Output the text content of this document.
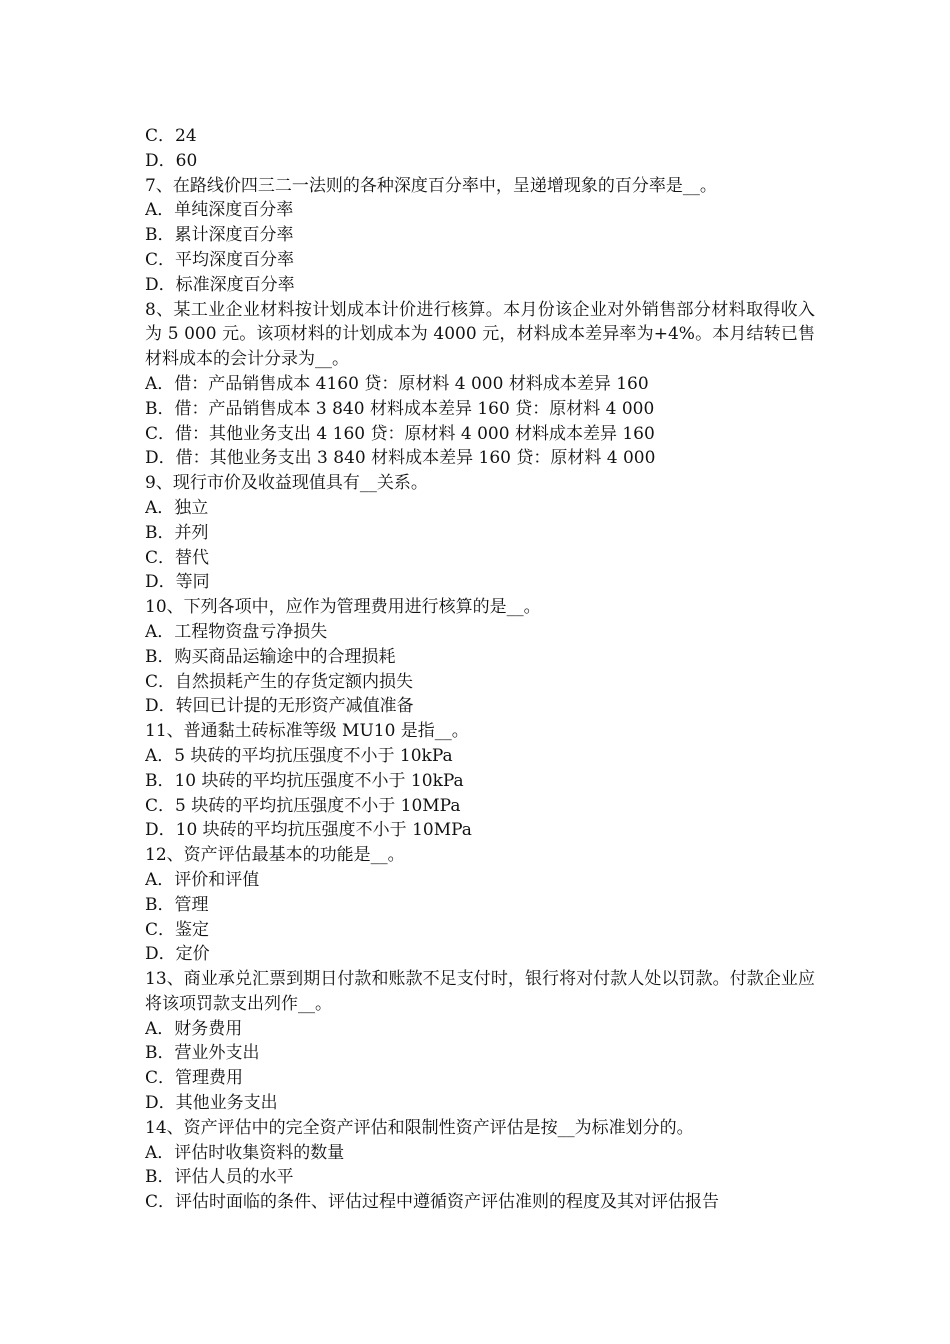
C．24
D．60
7、在路线价四三二一法则的各种深度百分率中，呈递增现象的百分率是__。
A．单纯深度百分率
B．累计深度百分率
C．平均深度百分率
D．标准深度百分率
8、某工业企业材料按计划成本计价进行核算。本月份该企业对外销售部分材料取得收入为 5 000 元。该项材料的计划成本为 4000 元，材料成本差异率为+4%。本月结转已售材料成本的会计分录为__。
A．借：产品销售成本 4160 贷：原材料 4 000 材料成本差异 160
B．借：产品销售成本 3 840 材料成本差异 160 贷：原材料 4 000
C．借：其他业务支出 4 160 贷：原材料 4 000 材料成本差异 160
D．借：其他业务支出 3 840 材料成本差异 160 贷：原材料 4 000
9、现行市价及收益现值具有__关系。
A．独立
B．并列
C．替代
D．等同
10、下列各项中，应作为管理费用进行核算的是__。
A．工程物资盘亏净损失
B．购买商品运输途中的合理损耗
C．自然损耗产生的存货定额内损失
D．转回已计提的无形资产减值准备
11、普通黏土砖标准等级 MU10 是指__。
A．5 块砖的平均抗压强度不小于 10kPa
B．10 块砖的平均抗压强度不小于 10kPa
C．5 块砖的平均抗压强度不小于 10MPa
D．10 块砖的平均抗压强度不小于 10MPa
12、资产评估最基本的功能是__。
A．评价和评值
B．管理
C．鉴定
D．定价
13、商业承兑汇票到期日付款和账款不足支付时，银行将对付款人处以罚款。付款企业应将该项罚款支出列作__。
A．财务费用
B．营业外支出
C．管理费用
D．其他业务支出
14、资产评估中的完全资产评估和限制性资产评估是按__为标准划分的。
A．评估时收集资料的数量
B．评估人员的水平
C．评估时面临的条件、评估过程中遵循资产评估准则的程度及其对评估报告
